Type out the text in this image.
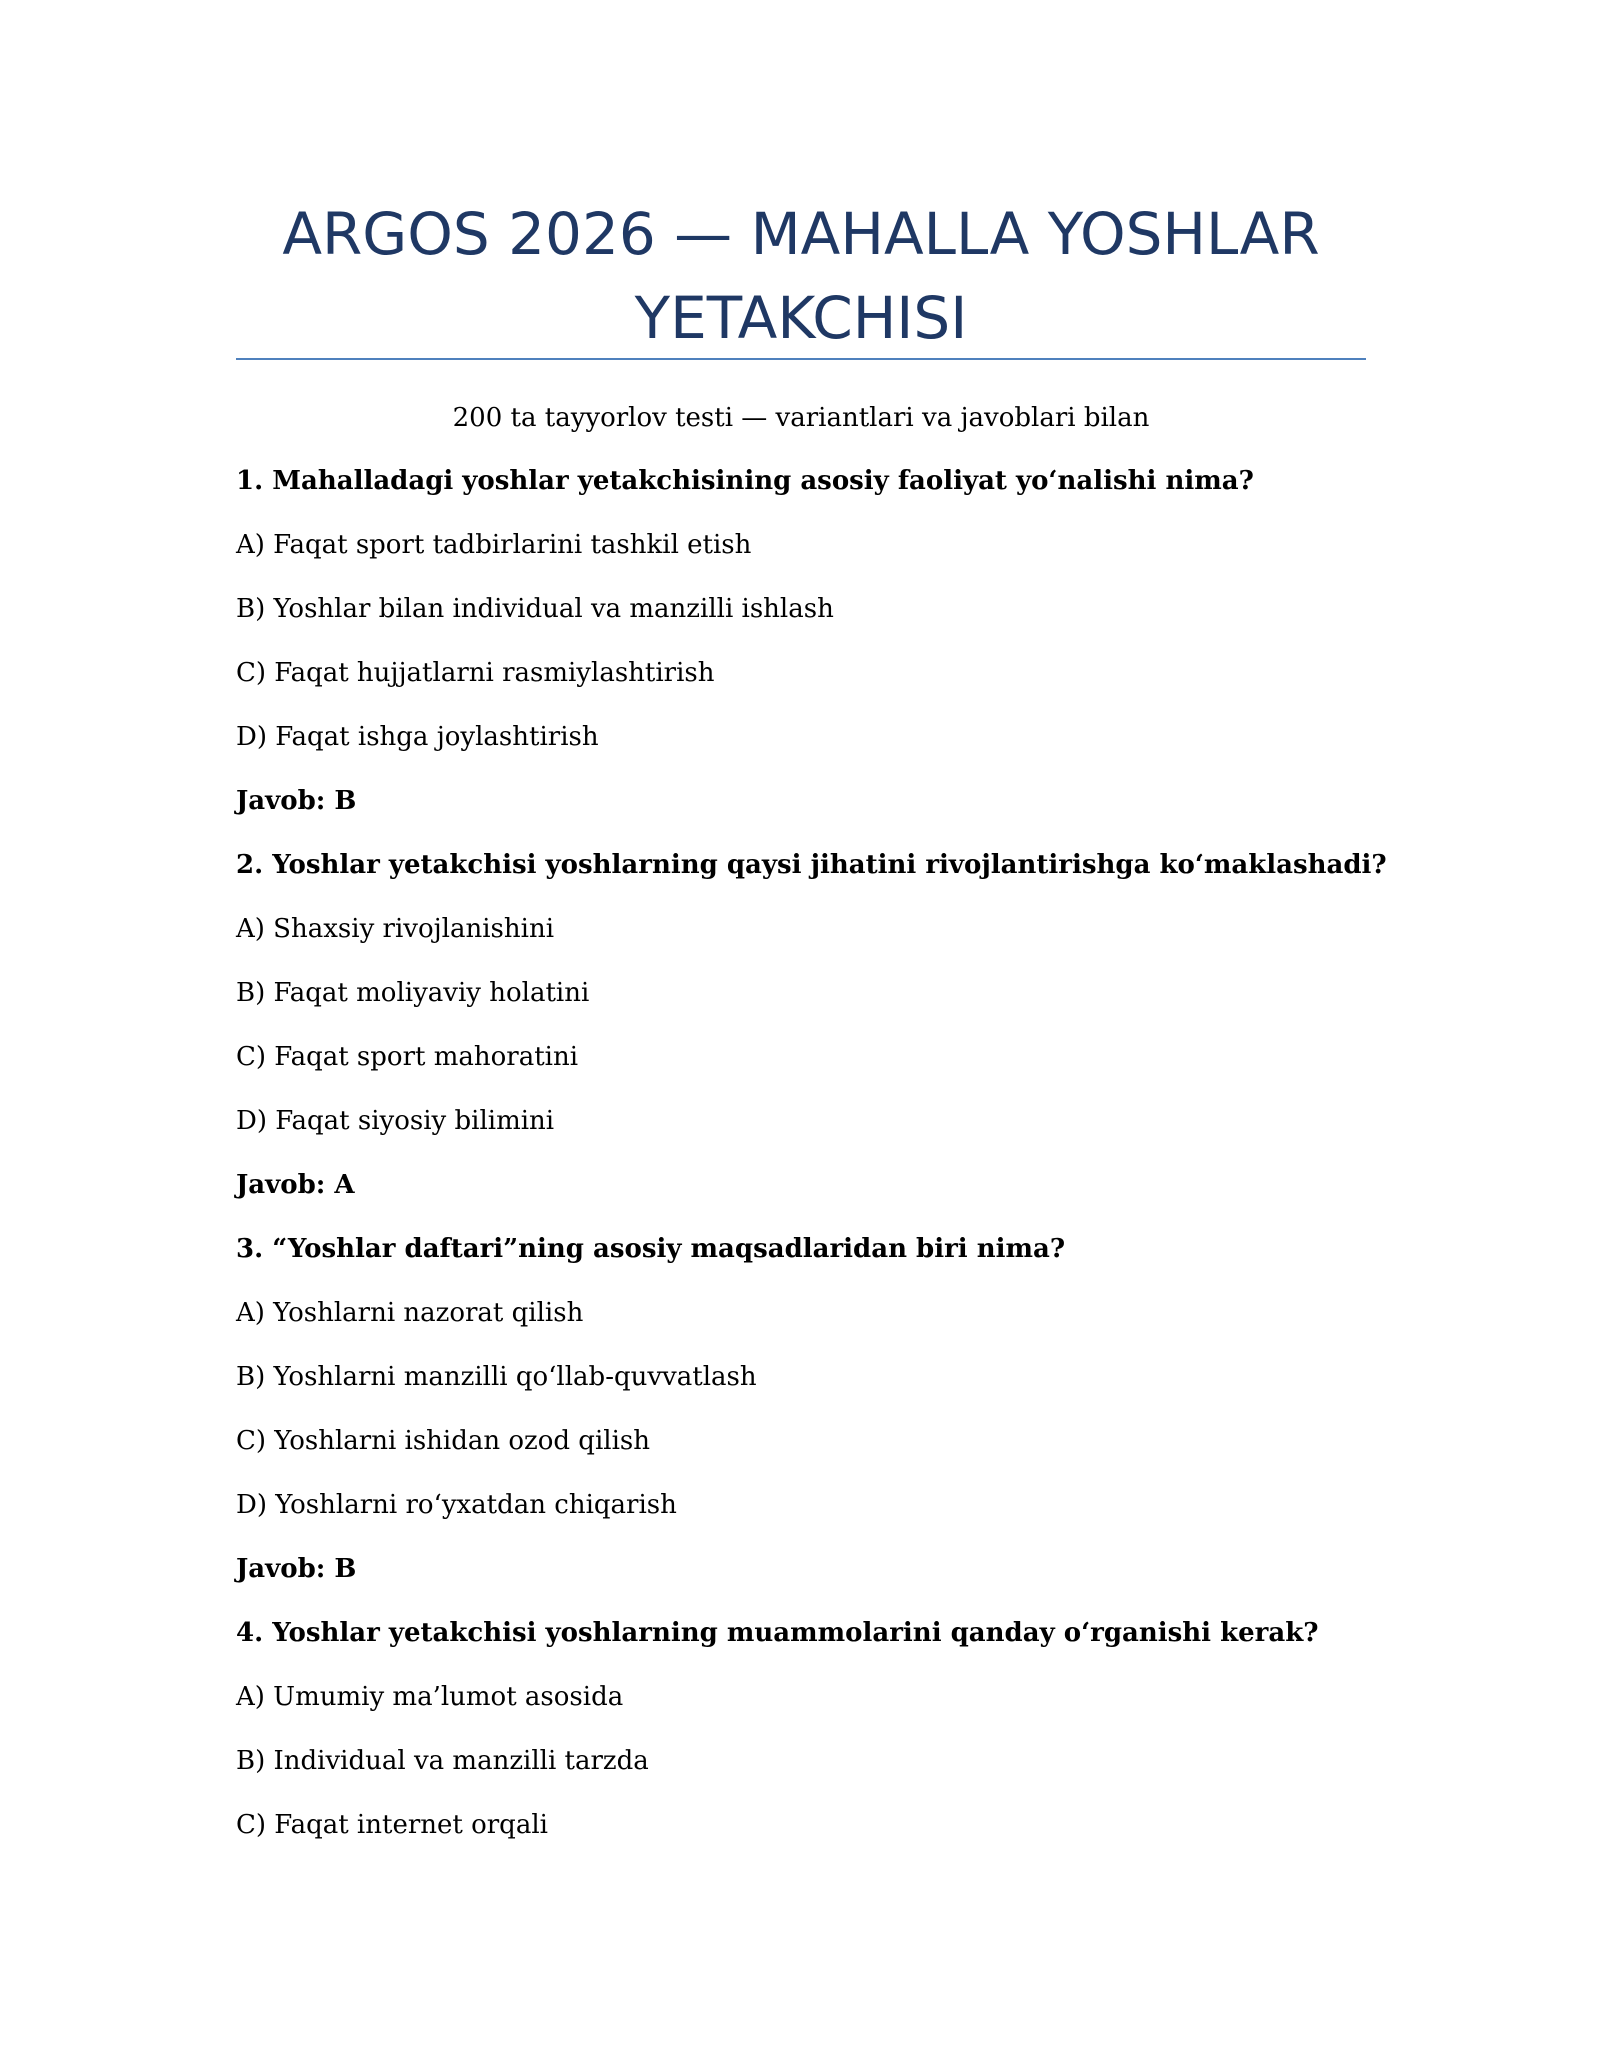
ARGOS 2026 — MAHALLA YOSHLAR
YETAKCHISI
200 ta tayyorlov testi — variantlari va javoblari bilan
1. Mahalladagi yoshlar yetakchisining asosiy faoliyat yo‘nalishi nima?
A) Faqat sport tadbirlarini tashkil etish
B) Yoshlar bilan individual va manzilli ishlash
C) Faqat hujjatlarni rasmiylashtirish
D) Faqat ishga joylashtirish
Javob: B
2. Yoshlar yetakchisi yoshlarning qaysi jihatini rivojlantirishga ko‘maklashadi?
A) Shaxsiy rivojlanishini
B) Faqat moliyaviy holatini
C) Faqat sport mahoratini
D) Faqat siyosiy bilimini
Javob: A
3. “Yoshlar daftari”ning asosiy maqsadlaridan biri nima?
A) Yoshlarni nazorat qilish
B) Yoshlarni manzilli qo‘llab-quvvatlash
C) Yoshlarni ishidan ozod qilish
D) Yoshlarni ro‘yxatdan chiqarish
Javob: B
4. Yoshlar yetakchisi yoshlarning muammolarini qanday o‘rganishi kerak?
A) Umumiy ma’lumot asosida
B) Individual va manzilli tarzda
C) Faqat internet orqali
